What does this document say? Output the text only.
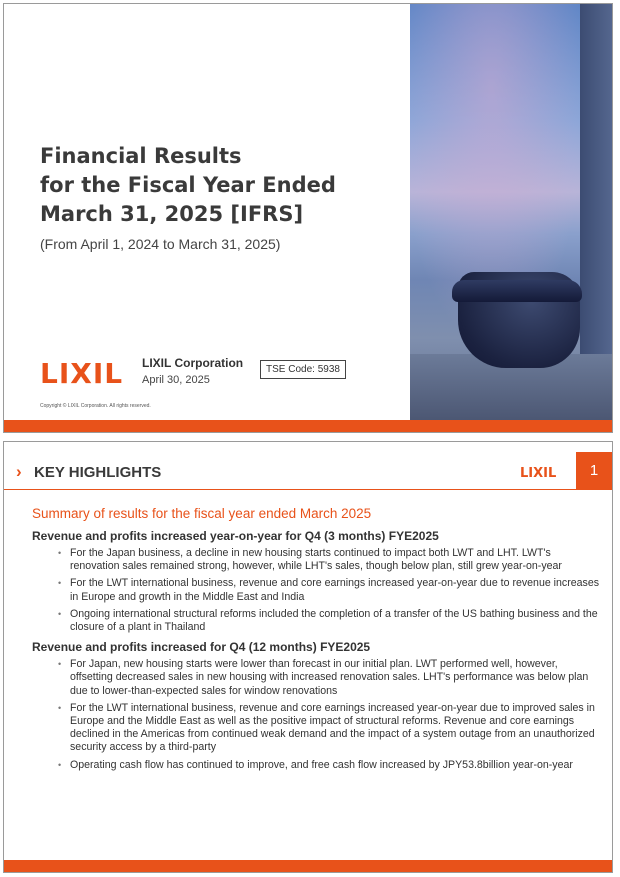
Financial Results
for the Fiscal Year Ended
March 31, 2025 [IFRS]

(From April 1, 2024 to March 31, 2025)

LIXIL LIXIL Corporation
April 30, 2025
TSE Code: 5938
Copyright © LIXIL Corporation. All rights reserved.
› KEY HIGHLIGHTS	LIXIL	1

Summary of results for the fiscal year ended March 2025

Revenue and profits increased year-on-year for Q4 (3 months) FYE2025

• For the Japan business, a decline in new housing starts continued to impact both LWT and LHT. LWT's renovation sales remained strong, however, while LHT's sales, though below plan, still grew year-on-year
• For the LWT international business, revenue and core earnings increased year-on-year due to revenue increases in Europe and growth in the Middle East and India
• Ongoing international structural reforms included the completion of a transfer of the US bathing business and the closure of a plant in Thailand

Revenue and profits increased for Q4 (12 months) FYE2025

• For Japan, new housing starts were lower than forecast in our initial plan. LWT performed well, however, offsetting decreased sales in new housing with increased renovation sales. LHT's performance was below plan due to lower-than-expected sales for window renovations
• For the LWT international business, revenue and core earnings increased year-on-year due to improved sales in Europe and the Middle East as well as the positive impact of structural reforms. Revenue and core earnings declined in the Americas from continued weak demand and the impact of a system outage from an unauthorized security access by a third-party
• Operating cash flow has continued to improve, and free cash flow increased by JPY53.8billion year-on-year
